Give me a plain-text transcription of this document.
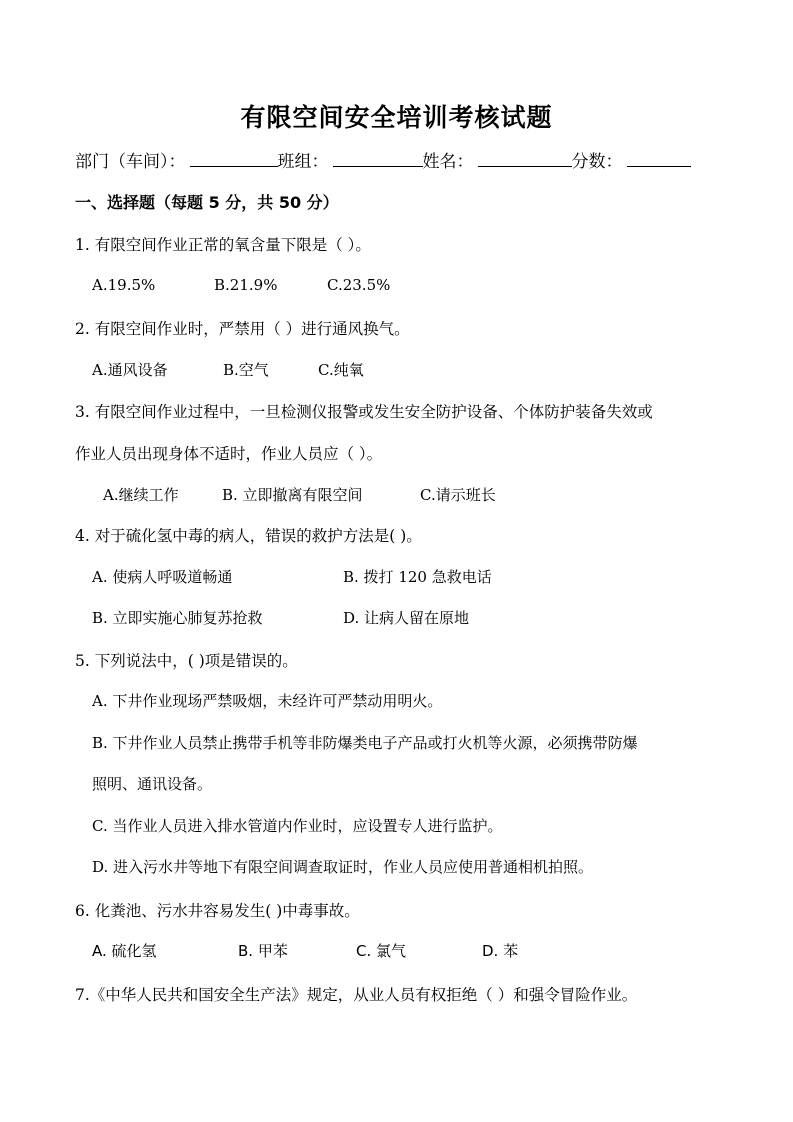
有限空间安全培训考核试题
部门（车间）：	班组：	姓名：	分数：
一、选择题（每题 5 分，共 50 分）
1. 有限空间作业正常的氧含量下限是（ ）。
A.19.5%	B.21.9%	C.23.5%
2. 有限空间作业时，严禁用（ ）进行通风换气。
A.通风设备	B.空气	C.纯氧
3. 有限空间作业过程中，一旦检测仪报警或发生安全防护设备、个体防护装备失效或
作业人员出现身体不适时，作业人员应（ ）。
A.继续工作	B. 立即撤离有限空间	C.请示班长
4. 对于硫化氢中毒的病人，错误的救护方法是( )。
A. 使病人呼吸道畅通	B. 拨打 120 急救电话
B. 立即实施心肺复苏抢救	D. 让病人留在原地
5. 下列说法中，( )项是错误的。
A. 下井作业现场严禁吸烟，未经许可严禁动用明火。
B. 下井作业人员禁止携带手机等非防爆类电子产品或打火机等火源，必须携带防爆
照明、通讯设备。
C. 当作业人员进入排水管道内作业时，应设置专人进行监护。
D. 进入污水井等地下有限空间调查取证时，作业人员应使用普通相机拍照。
6. 化粪池、污水井容易发生( )中毒事故。
A. 硫化氢	B. 甲苯	C. 氯气	D. 苯
7.《中华人民共和国安全生产法》规定，从业人员有权拒绝（ ）和强令冒险作业。
